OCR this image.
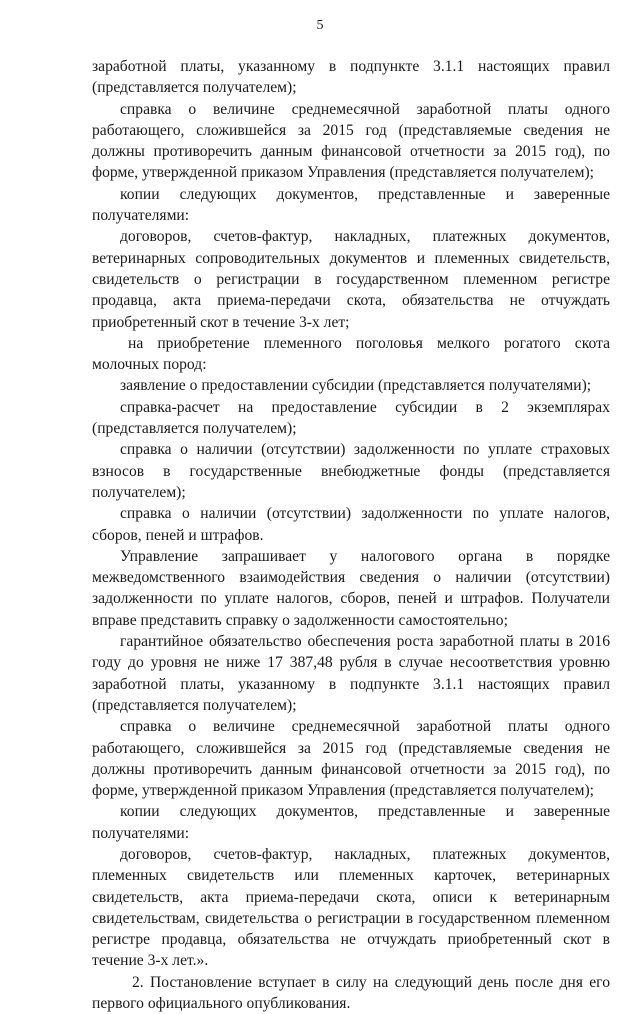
5

заработной платы, указанному в подпункте 3.1.1 настоящих правил (представляется получателем);

справка о величине среднемесячной заработной платы одного работающего, сложившейся за 2015 год (представляемые сведения не должны противоречить данным финансовой отчетности за 2015 год), по форме, утвержденной приказом Управления (представляется получателем);

копии следующих документов, представленные и заверенные получателями:

договоров, счетов-фактур, накладных, платежных документов, ветеринарных сопроводительных документов и племенных свидетельств, свидетельств о регистрации в государственном племенном регистре продавца, акта приема-передачи скота, обязательства не отчуждать приобретенный скот в течение 3-х лет;

на приобретение племенного поголовья мелкого рогатого скота молочных пород:

заявление о предоставлении субсидии (представляется получателями);

справка-расчет на предоставление субсидии в 2 экземплярах (представляется получателем);

справка о наличии (отсутствии) задолженности по уплате страховых взносов в государственные внебюджетные фонды (представляется получателем);

справка о наличии (отсутствии) задолженности по уплате налогов, сборов, пеней и штрафов.

Управление запрашивает у налогового органа в порядке межведомственного взаимодействия сведения о наличии (отсутствии) задолженности по уплате налогов, сборов, пеней и штрафов. Получатели вправе представить справку о задолженности самостоятельно;

гарантийное обязательство обеспечения роста заработной платы в 2016 году до уровня не ниже 17 387,48 рубля в случае несоответствия уровню заработной платы, указанному в подпункте 3.1.1 настоящих правил (представляется получателем);

справка о величине среднемесячной заработной платы одного работающего, сложившейся за 2015 год (представляемые сведения не должны противоречить данным финансовой отчетности за 2015 год), по форме, утвержденной приказом Управления (представляется получателем);

копии следующих документов, представленные и заверенные получателями:

договоров, счетов-фактур, накладных, платежных документов, племенных свидетельств или племенных карточек, ветеринарных свидетельств, акта приема-передачи скота, описи к ветеринарным свидетельствам, свидетельства о регистрации в государственном племенном регистре продавца, обязательства не отчуждать приобретенный скот в течение 3-х лет.».

2. Постановление вступает в силу на следующий день после дня его первого официального опубликования.
